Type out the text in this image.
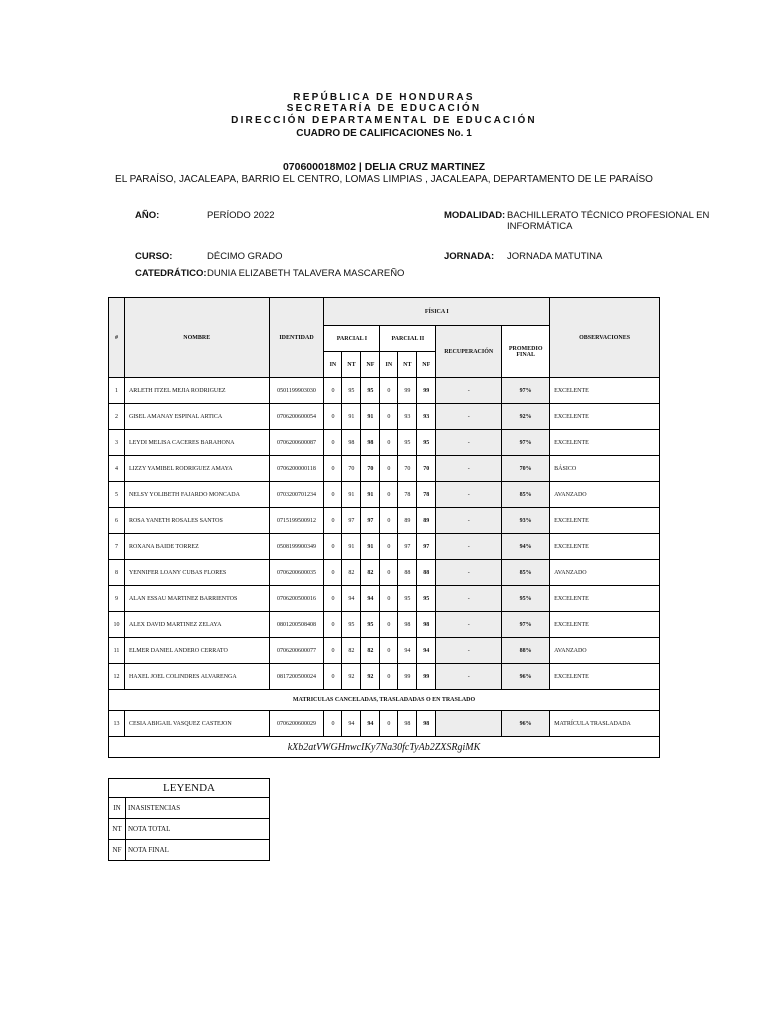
REPÚBLICA DE HONDURAS
SECRETARÍA DE EDUCACIÓN
DIRECCIÓN DEPARTAMENTAL DE EDUCACIÓN
CUADRO DE CALIFICACIONES No. 1
070600018M02 | DELIA CRUZ MARTINEZ
EL PARAÍSO, JACALEAPA, BARRIO EL CENTRO, LOMAS LIMPIAS , JACALEAPA, DEPARTAMENTO DE LE PARAÍSO
AÑO:	PERÍODO 2022	MODALIDAD: BACHILLERATO TÉCNICO PROFESIONAL EN INFORMÁTICA
CURSO:	DÉCIMO GRADO	JORNADA: JORNADA MATUTINA
CATEDRÁTICO: DUNIA ELIZABETH TALAVERA MASCAREÑO
#	NOMBRE	IDENTIDAD	FÍSICA I								OBSERVACIONES
			PARCIAL I			PARCIAL II			RECUPERACIÓN	PROMEDIO FINAL	
			IN	NT	NF	IN	NT	NF			
1	ARLETH ITZEL MEJIA RODRIGUEZ	0501199903030	0	95	95	0	99	99	-	97%	EXCELENTE
2	GISEL AMANAY ESPINAL ARTICA	0706200600054	0	91	91	0	93	93	-	92%	EXCELENTE
3	LEYDI MELISA CACERES BARAHONA	0706200600087	0	98	98	0	95	95	-	97%	EXCELENTE
4	LIZZY YAMIBEL RODRIGUEZ AMAYA	0706200000118	0	70	70	0	70	70	-	70%	BÁSICO
5	NELSY YOLIBETH FAJARDO MONCADA	0703200701234	0	91	91	0	78	78	-	85%	AVANZADO
6	ROSA YANETH ROSALES SANTOS	0715199500912	0	97	97	0	89	89	-	93%	EXCELENTE
7	ROXANA BAIDE TORREZ	0508199900349	0	91	91	0	97	97	-	94%	EXCELENTE
8	YENNIFER LOANY CUBAS FLORES	0706200600035	0	82	82	0	88	88	-	85%	AVANZADO
9	ALAN ESSAU MARTINEZ BARRIENTOS	0706200500016	0	94	94	0	95	95	-	95%	EXCELENTE
10	ALEX DAVID MARTINEZ ZELAYA	0801200508408	0	95	95	0	98	98	-	97%	EXCELENTE
11	ELMER DANIEL ANDERO CERRATO	0706200600077	0	82	82	0	94	94	-	88%	AVANZADO
12	HAXEL JOEL COLINDRES ALVARENGA	0817200500024	0	92	92	0	99	99	-	96%	EXCELENTE
MATRICULAS CANCELADAS, TRASLADADAS O EN TRASLADO											
13	CESIA ABIGAIL VASQUEZ CASTEJON	0706200600029	0	94	94	0	98	98		96%	MATRÍCULA TRASLADADA
kXb2atVWGHnwcIKy7Na30fcTyAb2ZXSRgiMK											
LEYENDA	
IN	INASISTENCIAS
NT	NOTA TOTAL
NF	NOTA FINAL
